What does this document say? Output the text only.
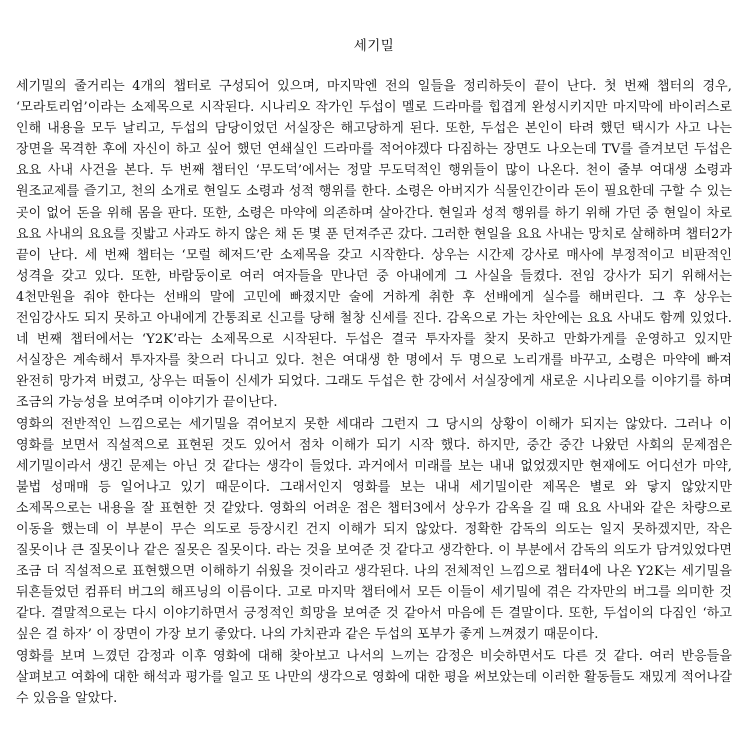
세기밀

세기밀의 줄거리는 4개의 챕터로 구성되어 있으며, 마지막엔 전의 일들을 정리하듯이 끝이 난다. 첫 번째 챕터의 경우, ‘모라토리엄’이라는 소제목으로 시작된다. 시나리오 작가인 두섭이 멜로 드라마를 힙겹게 완성시키지만 마지막에 바이러스로 인해 내용을 모두 날리고, 두섭의 담당이었던 서실장은 해고당하게 된다. 또한, 두섭은 본인이 타려 했던 택시가 사고 나는 장면을 목격한 후에 자신이 하고 싶어 했던 연쇄실인 드라마를 적어야겠다 다짐하는 장면도 나오는데 TV를 즐겨보던 두섭은 요요 사내 사건을 본다. 두 번째 챕터인 ‘무도덕’에서는 정말 무도덕적인 행위들이 많이 나온다. 천이 줄부 여대생 소령과 원조교제를 즐기고, 천의 소개로 현일도 소령과 성적 행위를 한다. 소령은 아버지가 식물인간이라 돈이 필요한데 구할 수 있는 곳이 없어 돈을 위해 몸을 판다. 또한, 소령은 마약에 의존하며 살아간다. 현일과 성적 행위를 하기 위해 가던 중 현일이 차로 요요 사내의 요요를 짓밟고 사과도 하지 않은 채 돈 몇 푼 던져주곤 갔다. 그러한 현일을 요요 사내는 망치로 살해하며 챕터2가 끝이 난다. 세 번째 챕터는 ‘모럴 헤저드’란 소제목을 갖고 시작한다. 상우는 시간제 강사로 매사에 부정적이고 비판적인 성격을 갖고 있다. 또한, 바람둥이로 여러 여자들을 만나던 중 아내에게 그 사실을 들켰다. 전임 강사가 되기 위해서는 4천만원을 줘야 한다는 선배의 말에 고민에 빠졌지만 술에 거하게 취한 후 선배에게 실수를 해버린다. 그 후 상우는 전임강사도 되지 못하고 아내에게 간통죄로 신고를 당해 철창 신세를 진다. 감옥으로 가는 차안에는 요요 사내도 함께 있었다. 네 번째 챕터에서는 ‘Y2K’라는 소제목으로 시작된다. 두섭은 결국 투자자를 찾지 못하고 만화가게를 운영하고 있지만 서실장은 계속해서 투자자를 찾으러 다니고 있다. 천은 여대생 한 명에서 두 명으로 노리개를 바꾸고, 소령은 마약에 빠져 완전히 망가져 버렸고, 상우는 떠돌이 신세가 되었다. 그래도 두섭은 한 강에서 서실장에게 새로운 시나리오를 이야기를 하며 조금의 가능성을 보여주며 이야기가 끝이난다.

영화의 전반적인 느낌으로는 세기밀을 겪어보지 못한 세대라 그런지 그 당시의 상황이 이해가 되지는 않았다. 그러나 이 영화를 보면서 직설적으로 표현된 것도 있어서 점차 이해가 되기 시작 했다. 하지만, 중간 중간 나왔던 사회의 문제점은 세기밀이라서 생긴 문제는 아닌 것 같다는 생각이 들었다. 과거에서 미래를 보는 내내 없었겠지만 현재에도 어디선가 마약, 불법 성매매 등 일어나고 있기 때문이다. 그래서인지 영화를 보는 내내 세기밀이란 제목은 별로 와 닿지 않았지만 소제목으로는 내용을 잘 표현한 것 같았다. 영화의 어려운 점은 챕터3에서 상우가 감옥을 길 때 요요 사내와 같은 차량으로 이동을 했는데 이 부분이 무슨 의도로 등장시킨 건지 이해가 되지 않았다. 정확한 감독의 의도는 일지 못하겠지만, 작은 질못이나 큰 질못이나 같은 질못은 질못이다. 라는 것을 보여준 것 같다고 생각한다. 이 부분에서 감독의 의도가 담겨있었다면 조금 더 직설적으로 표현했으면 이해하기 쉬웠을 것이라고 생각된다. 나의 전체적인 느낌으로 챕터4에 나온 Y2K는 세기밀을 뒤흔들었던 컴퓨터 버그의 해프닝의 이름이다. 고로 마지막 챕터에서 모든 이들이 세기밀에 겪은 각자만의 버그를 의미한 것 같다. 결말적으로는 다시 이야기하면서 긍정적인 희망을 보여준 것 같아서 마음에 든 결말이다. 또한, 두섭이의 다짐인 ‘하고 싶은 걸 하자’ 이 장면이 가장 보기 좋았다. 나의 가치관과 같은 두섭의 포부가 좋게 느껴졌기 때문이다.

영화를 보며 느꼈던 감정과 이후 영화에 대해 찾아보고 나서의 느끼는 감정은 비슷하면서도 다른 것 같다. 여러 반응들을 살펴보고 여화에 대한 해석과 평가를 일고 또 나만의 생각으로 영화에 대한 평을 써보았는데 이러한 활동들도 재밌게 적어나갈 수 있음을 알았다.
